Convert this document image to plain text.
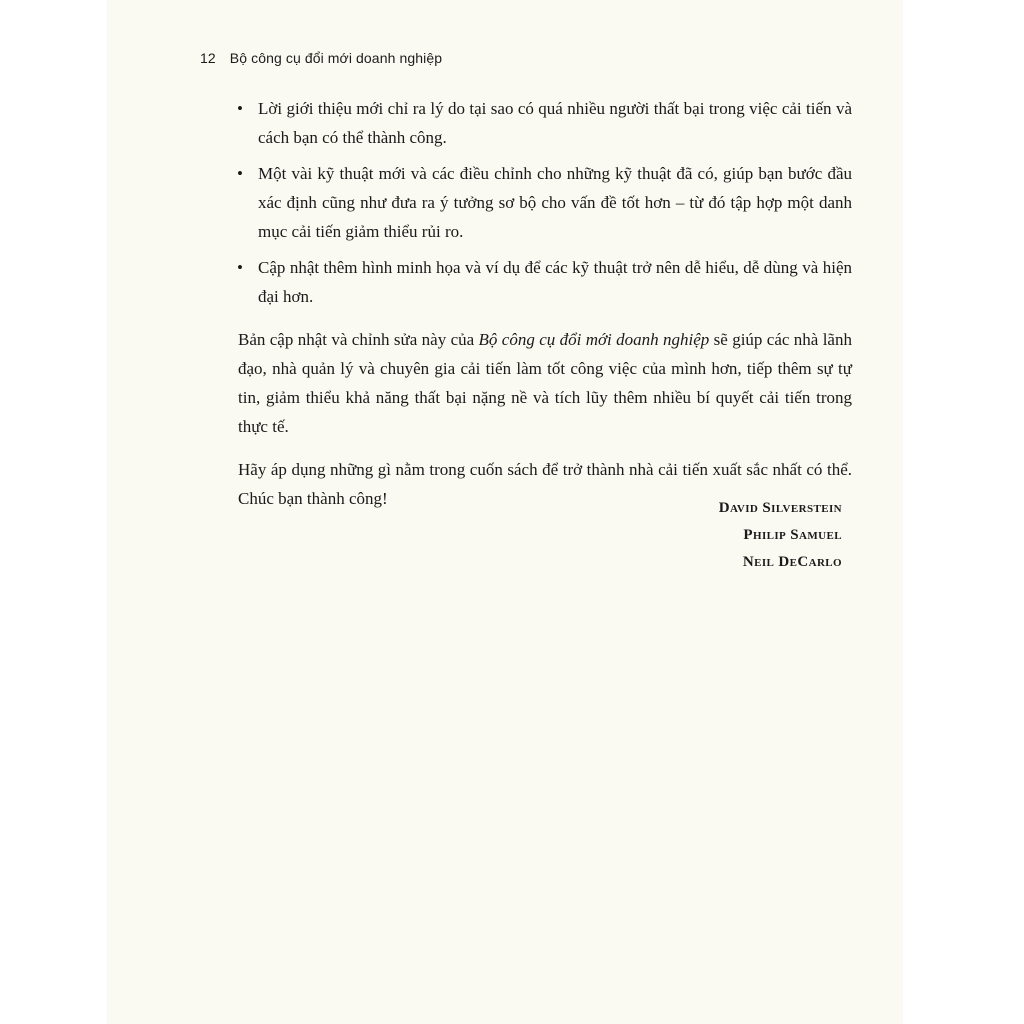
12 Bộ công cụ đổi mới doanh nghiệp
• Lời giới thiệu mới chỉ ra lý do tại sao có quá nhiều người thất bại trong việc cải tiến và cách bạn có thể thành công.
• Một vài kỹ thuật mới và các điều chỉnh cho những kỹ thuật đã có, giúp bạn bước đầu xác định cũng như đưa ra ý tưởng sơ bộ cho vấn đề tốt hơn – từ đó tập hợp một danh mục cải tiến giảm thiểu rủi ro.
• Cập nhật thêm hình minh họa và ví dụ để các kỹ thuật trở nên dễ hiểu, dễ dùng và hiện đại hơn.

Bản cập nhật và chỉnh sửa này của Bộ công cụ đổi mới doanh nghiệp sẽ giúp các nhà lãnh đạo, nhà quản lý và chuyên gia cải tiến làm tốt công việc của mình hơn, tiếp thêm sự tự tin, giảm thiểu khả năng thất bại nặng nề và tích lũy thêm nhiều bí quyết cải tiến trong thực tế.

Hãy áp dụng những gì nằm trong cuốn sách để trở thành nhà cải tiến xuất sắc nhất có thể. Chúc bạn thành công!	David Silverstein
Philip Samuel
Neil DeCarlo
